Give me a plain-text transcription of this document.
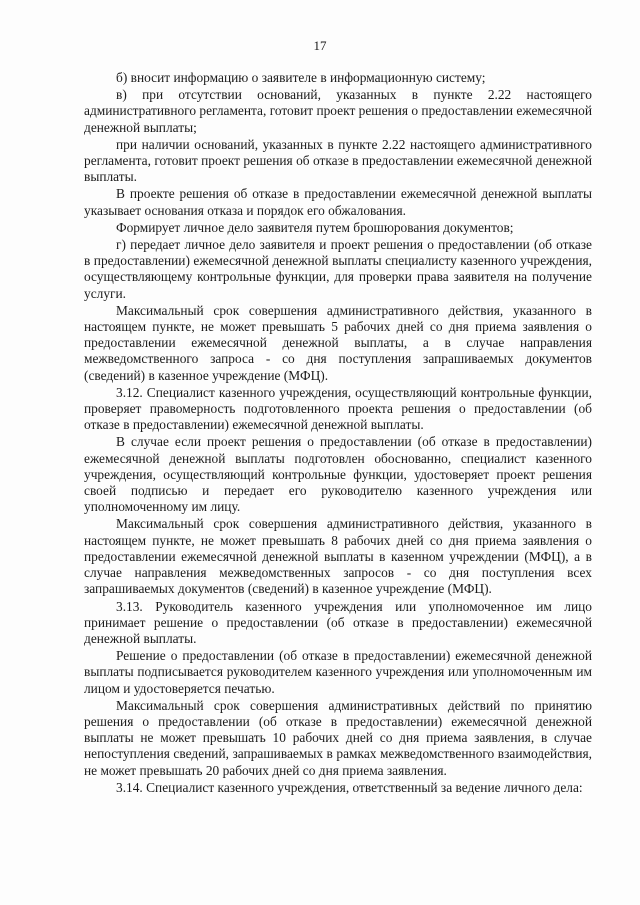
17

б) вносит информацию о заявителе в информационную систему;

в) при отсутствии оснований, указанных в пункте 2.22 настоящего административного регламента, готовит проект решения о предоставлении ежемесячной денежной выплаты;

при наличии оснований, указанных в пункте 2.22 настоящего административного регламента, готовит проект решения об отказе в предоставлении ежемесячной денежной выплаты.

В проекте решения об отказе в предоставлении ежемесячной денежной выплаты указывает основания отказа и порядок его обжалования.

Формирует личное дело заявителя путем брошюрования документов;

г) передает личное дело заявителя и проект решения о предоставлении (об отказе в предоставлении) ежемесячной денежной выплаты специалисту казенного учреждения, осуществляющему контрольные функции, для проверки права заявителя на получение услуги.

Максимальный срок совершения административного действия, указанного в настоящем пункте, не может превышать 5 рабочих дней со дня приема заявления о предоставлении ежемесячной денежной выплаты, а в случае направления межведомственного запроса - со дня поступления запрашиваемых документов (сведений) в казенное учреждение (МФЦ).

3.12. Специалист казенного учреждения, осуществляющий контрольные функции, проверяет правомерность подготовленного проекта решения о предоставлении (об отказе в предоставлении) ежемесячной денежной выплаты.

В случае если проект решения о предоставлении (об отказе в предоставлении) ежемесячной денежной выплаты подготовлен обоснованно, специалист казенного учреждения, осуществляющий контрольные функции, удостоверяет проект решения своей подписью и передает его руководителю казенного учреждения или уполномоченному им лицу.

Максимальный срок совершения административного действия, указанного в настоящем пункте, не может превышать 8 рабочих дней со дня приема заявления о предоставлении ежемесячной денежной выплаты в казенном учреждении (МФЦ), а в случае направления межведомственных запросов - со дня поступления всех запрашиваемых документов (сведений) в казенное учреждение (МФЦ).

3.13. Руководитель казенного учреждения или уполномоченное им лицо принимает решение о предоставлении (об отказе в предоставлении) ежемесячной денежной выплаты.

Решение о предоставлении (об отказе в предоставлении) ежемесячной денежной выплаты подписывается руководителем казенного учреждения или уполномоченным им лицом и удостоверяется печатью.

Максимальный срок совершения административных действий по принятию решения о предоставлении (об отказе в предоставлении) ежемесячной денежной выплаты не может превышать 10 рабочих дней со дня приема заявления, в случае непоступления сведений, запрашиваемых в рамках межведомственного взаимодействия, не может превышать 20 рабочих дней со дня приема заявления.

3.14. Специалист казенного учреждения, ответственный за ведение личного дела:
